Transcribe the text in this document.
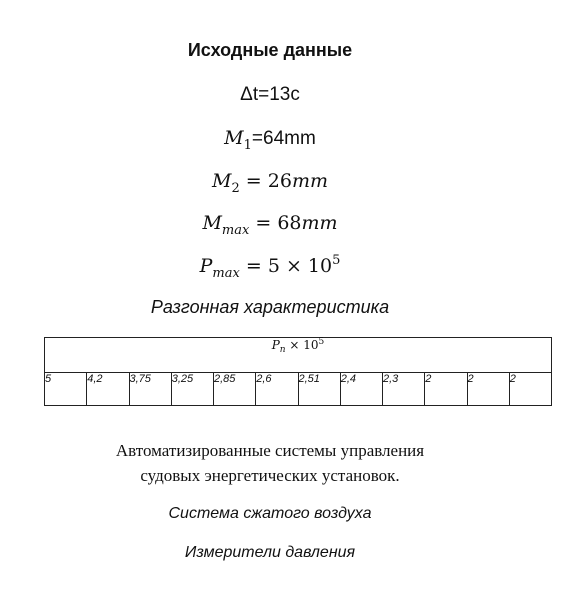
Исходные данные
Δt=13с
$M_1=64mm$
$M_2 = 26mm$
$M_{max} = 68mm$
$P_{max} = 5 \times 10^5$
Разгонная характеристика
$P_n \times 10^5$
5	4,2	3,75	3,25	2,85	2,6	2,51	2,4	2,3	2	2	2
Автоматизированные системы управления
судовых энергетических установок.
Система сжатого воздуха
Измерители давления
